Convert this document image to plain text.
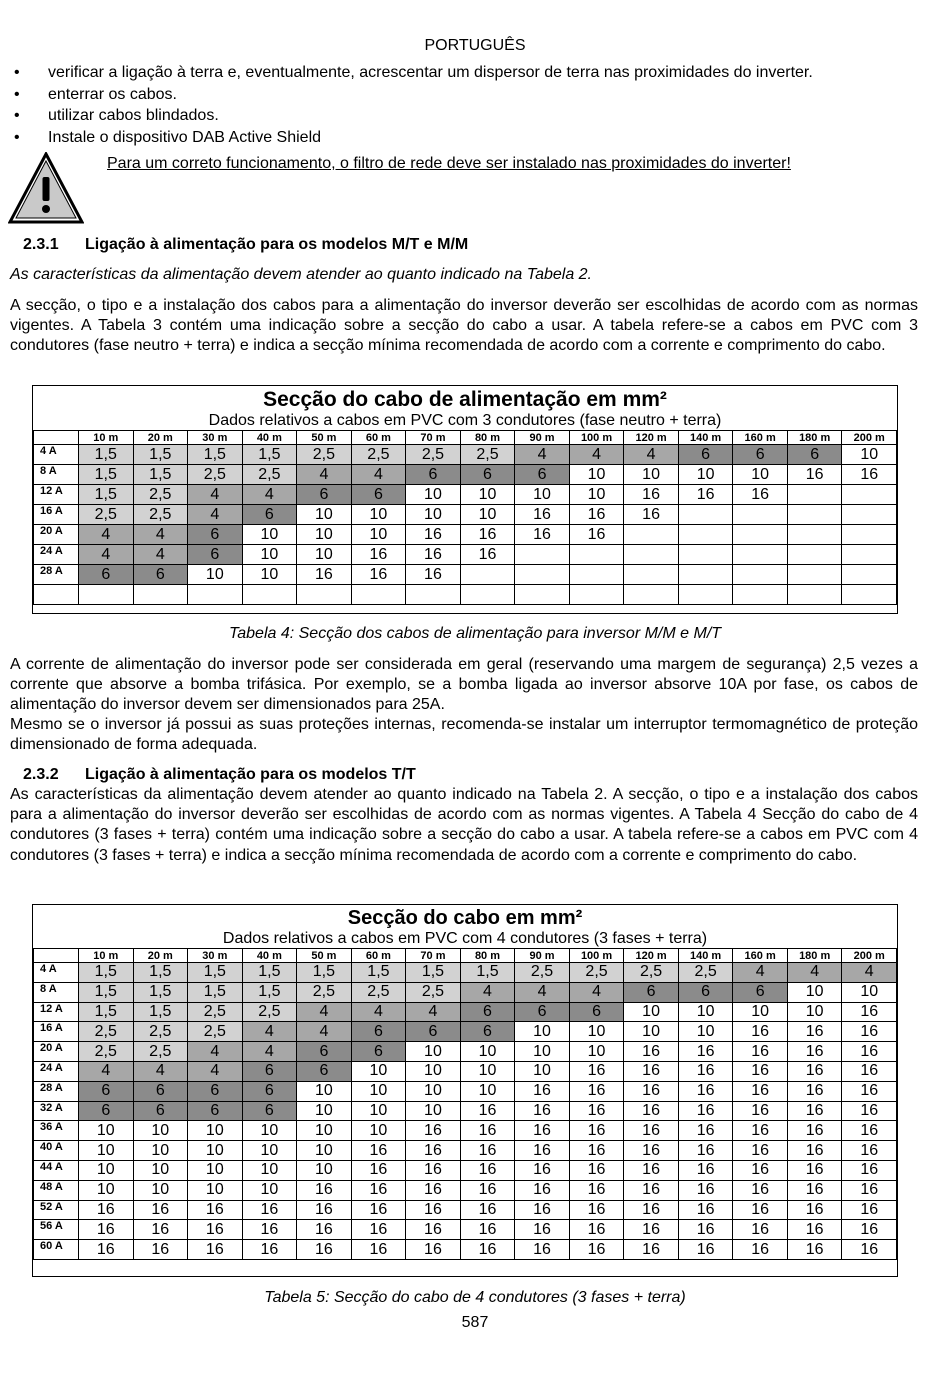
PORTUGUÊS
• verificar a ligação à terra e, eventualmente, acrescentar um dispersor de terra nas proximidades do inverter.
• enterrar os cabos.
• utilizar cabos blindados.
• Instale o dispositivo DAB Active Shield
Para um correto funcionamento, o filtro de rede deve ser instalado nas proximidades do inverter!
2.3.1 Ligação à alimentação para os modelos M/T e M/M
As características da alimentação devem atender ao quanto indicado na Tabela 2.
A secção, o tipo e a instalação dos cabos para a alimentação do inversor deverão ser escolhidas de acordo com as normas vigentes. A Tabela 3 contém uma indicação sobre a secção do cabo a usar. A tabela refere-se a cabos em PVC com 3 condutores (fase neutro + terra) e indica a secção mínima recomendada de acordo com a corrente e comprimento do cabo.
Secção do cabo de alimentação em mm²
Dados relativos a cabos em PVC com 3 condutores (fase neutro + terra)
	10 m	20 m	30 m	40 m	50 m	60 m	70 m	80 m	90 m	100 m	120 m	140 m	160 m	180 m	200 m
4 A	1,5	1,5	1,5	1,5	2,5	2,5	2,5	2,5	4	4	4	6	6	6	10
8 A	1,5	1,5	2,5	2,5	4	4	6	6	6	10	10	10	10	16	16
12 A	1,5	2,5	4	4	6	6	10	10	10	10	16	16	16		
16 A	2,5	2,5	4	6	10	10	10	10	16	16	16				
20 A	4	4	6	10	10	10	16	16	16	16					
24 A	4	4	6	10	10	16	16	16							
28 A	6	6	10	10	16	16	16								

Tabela 4: Secção dos cabos de alimentação para inversor M/M e M/T
A corrente de alimentação do inversor pode ser considerada em geral (reservando uma margem de segurança) 2,5 vezes a corrente que absorve a bomba trifásica. Por exemplo, se a bomba ligada ao inversor absorve 10A por fase, os cabos de alimentação do inversor devem ser dimensionados para 25A.
Mesmo se o inversor já possui as suas proteções internas, recomenda-se instalar um interruptor termomagnético de proteção dimensionado de forma adequada.
2.3.2 Ligação à alimentação para os modelos T/T
As características da alimentação devem atender ao quanto indicado na Tabela 2. A secção, o tipo e a instalação dos cabos para a alimentação do inversor deverão ser escolhidas de acordo com as normas vigentes. A Tabela 4 Secção do cabo de 4 condutores (3 fases + terra) contém uma indicação sobre a secção do cabo a usar. A tabela refere-se a cabos em PVC com 4 condutores (3 fases + terra) e indica a secção mínima recomendada de acordo com a corrente e comprimento do cabo.
Secção do cabo em mm²
Dados relativos a cabos em PVC com 4 condutores (3 fases + terra)
	10 m	20 m	30 m	40 m	50 m	60 m	70 m	80 m	90 m	100 m	120 m	140 m	160 m	180 m	200 m
4 A	1,5	1,5	1,5	1,5	1,5	1,5	1,5	1,5	2,5	2,5	2,5	2,5	4	4	4
8 A	1,5	1,5	1,5	1,5	2,5	2,5	2,5	4	4	4	6	6	6	10	10
12 A	1,5	1,5	2,5	2,5	4	4	4	6	6	6	10	10	10	10	16
16 A	2,5	2,5	2,5	4	4	6	6	6	10	10	10	10	16	16	16
20 A	2,5	2,5	4	4	6	6	10	10	10	10	16	16	16	16	16
24 A	4	4	4	6	6	10	10	10	10	16	16	16	16	16	16
28 A	6	6	6	6	10	10	10	10	16	16	16	16	16	16	16
32 A	6	6	6	6	10	10	10	16	16	16	16	16	16	16	16
36 A	10	10	10	10	10	10	16	16	16	16	16	16	16	16	16
40 A	10	10	10	10	10	16	16	16	16	16	16	16	16	16	16
44 A	10	10	10	10	10	16	16	16	16	16	16	16	16	16	16
48 A	10	10	10	10	16	16	16	16	16	16	16	16	16	16	16
52 A	16	16	16	16	16	16	16	16	16	16	16	16	16	16	16
56 A	16	16	16	16	16	16	16	16	16	16	16	16	16	16	16
60 A	16	16	16	16	16	16	16	16	16	16	16	16	16	16	16
Tabela 5: Secção do cabo de 4 condutores (3 fases + terra)
587
